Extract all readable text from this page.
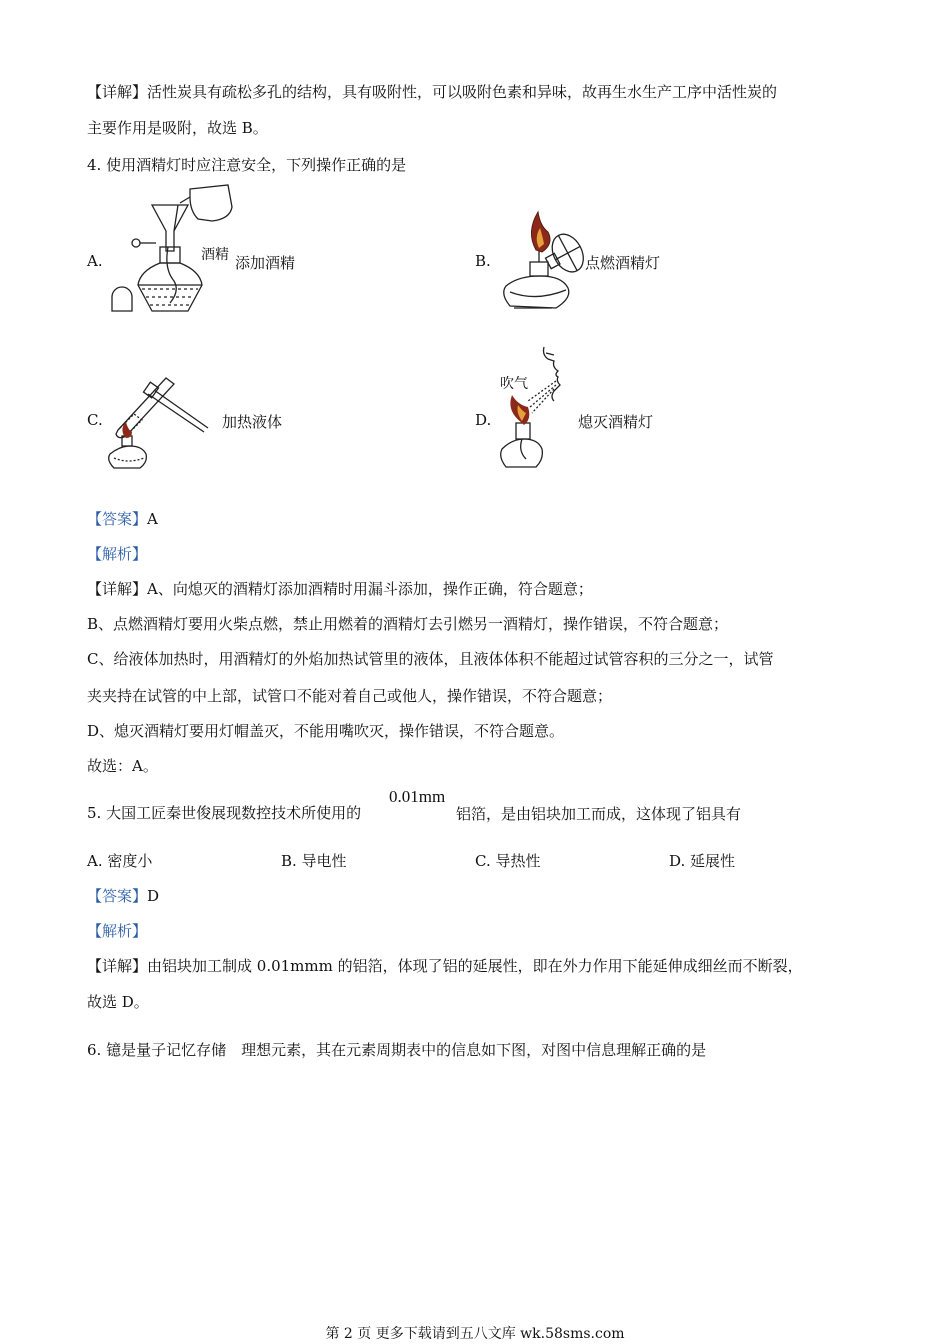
【详解】活性炭具有疏松多孔的结构，具有吸附性，可以吸附色素和异味，故再生水生产工序中活性炭的
主要作用是吸附，故选 B。
4. 使用酒精灯时应注意安全，下列操作正确的是
A.	酒精 添加酒精	B.	点燃酒精灯
C.	加热液体	D.
吹气
熄灭酒精灯
【答案】A
【解析】
【详解】A、向熄灭的酒精灯添加酒精时用漏斗添加，操作正确，符合题意；
B、点燃酒精灯要用火柴点燃，禁止用燃着的酒精灯去引燃另一酒精灯，操作错误，不符合题意；
C、给液体加热时，用酒精灯的外焰加热试管里的液体，且液体体积不能超过试管容积的三分之一，试管
夹夹持在试管的中上部，试管口不能对着自己或他人，操作错误，不符合题意；
D、熄灭酒精灯要用灯帽盖灭，不能用嘴吹灭，操作错误，不符合题意。
故选：A。
5. 大国工匠秦世俊展现数控技术所使用的
0.01mm
铝箔，是由铝块加工而成，这体现了铝具有
A. 密度小	B. 导电性	C. 导热性	D. 延展性
【答案】D
【解析】
【详解】由铝块加工制成 0.01mmm 的铝箔，体现了铝的延展性，即在外力作用下能延伸成细丝而不断裂，
故选 D。
6. 镱是量子记忆存储　理想元素，其在元素周期表中的信息如下图，对图中信息理解正确的是
第 2 页 更多下载请到五八文库 wk.58sms.com
